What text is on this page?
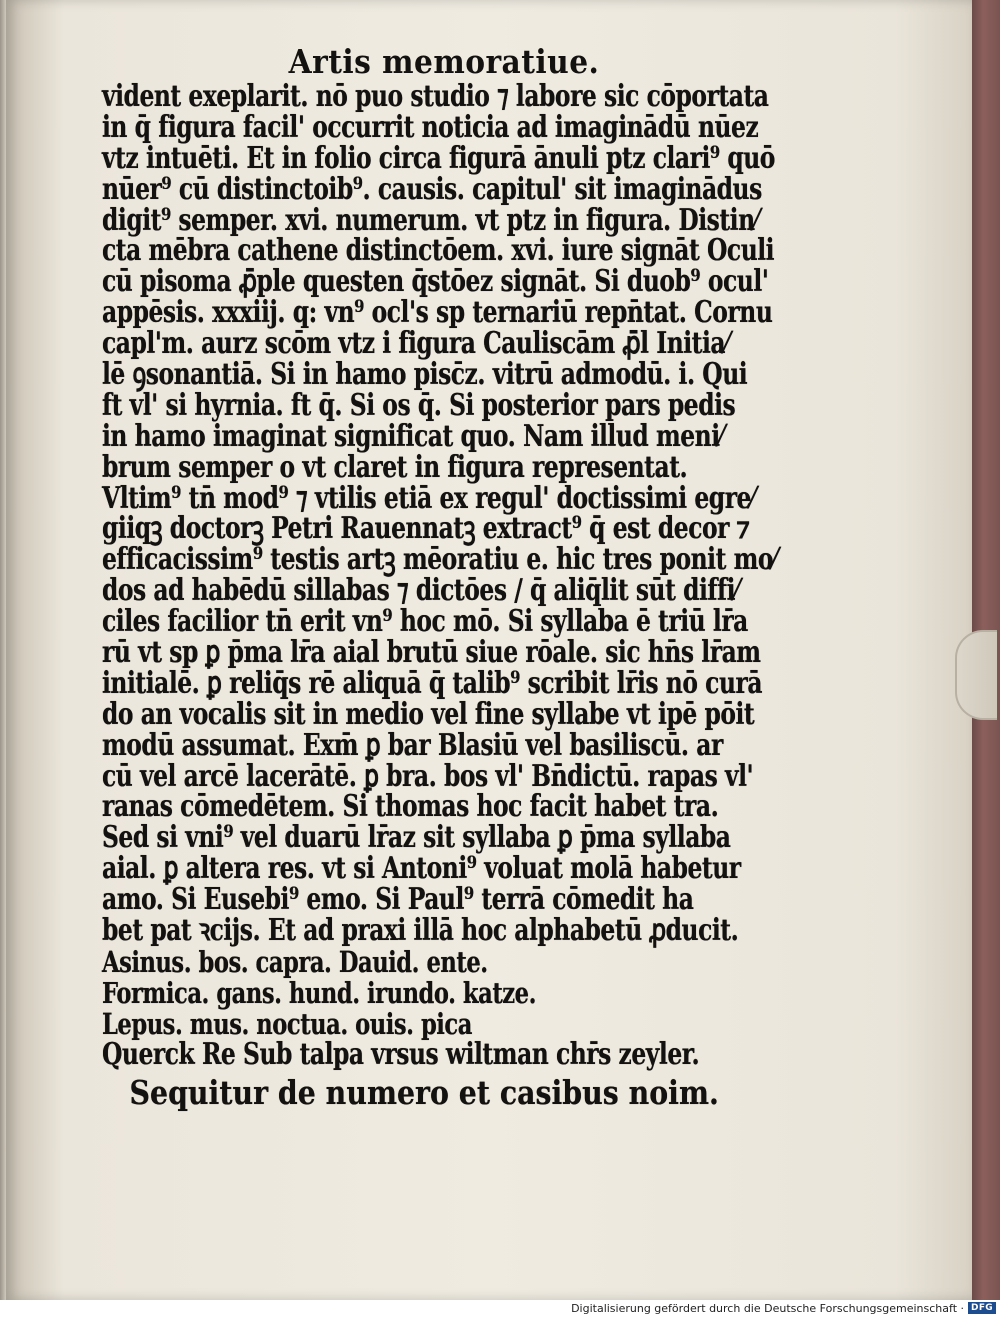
Artis memoratiue.
vident exeplarit. nō puo studio ⁊ labore sic cōportata
in q̄ figura facil' occurrit noticia ad imaginādū nūez
vtz intuēti. Et in folio circa figurā ānuli ptz clari⁹ quō
nūer⁹ cū distinctoib⁹. causis. capitul' sit imaginādus
digit⁹ semper. xvi. numerum. vt ptz in figura. Distin⁄
cta mēbra cathene distinctōem. xvi. iure signāt Oculi
cū pisoma ꝓ̄ple questen q̄stōez signāt. Si duob⁹ ocul'
appēsis. xxxiij. q: vn⁹ ocl's sp ternariū repn̄tat. Cornu
capl'm. aurz scōm vtz i figura Cauliscām ꝓ̄l Initia⁄
lē ꝯsonantiā. Si in hamo pisc̄z. vitrū admodū. i. Qui
ft vl' si hyrnia. ft q̄. Si os q̄. Si posterior pars pedis
in hamo imaginat significat quo. Nam illud meni⁄
brum semper o vt claret in figura representat.
Vltim⁹ tn̄ mod⁹ ⁊ vtilis etiā ex regul' doctissimi egre⁄
giiqꝫ doctorꝫ Petri Rauennatꝫ extract⁹ q̄ est decor ⁊
efficacissim⁹ testis artꝫ mēoratiu e. hic tres ponit mo⁄
dos ad habēdū sillabas ⁊ dictōes / q̄ aliq̄lit sūt diffi⁄
ciles facilior tn̄ erit vn⁹ hoc mō. Si syllaba ē triū lr̄a
rū vt sp ꝑ p̄ma lr̄a aial brutū siue rōale. sic hn̄s lr̄am
initialē. ꝑ reliq̄s rē aliquā q̄ talib⁹ scribit lr̄is nō curā
do an vocalis sit in medio vel fine syllabe vt ipē pōit
modū assumat. Exm̄ ꝑ bar Blasiū vel basiliscū. ar
cū vel arcē lacerātē. ꝑ bra. bos vl' Bn̄dictū. rapas vl'
ranas cōmedētem. Si thomas hoc facit habet tra.
Sed si vni⁹ vel duarū lr̄az sit syllaba ꝑ p̄ma syllaba
aial. ꝑ altera res. vt si Antoni⁹ voluat molā habetur
amo. Si Eusebi⁹ emo. Si Paul⁹ terrā cōmedit ha
bet pat ꝛcijs. Et ad praxi illā hoc alphabetū ꝓducit.
Asinus. bos. capra. Dauid. ente.
Formica. gans. hund. irundo. katze.
Lepus. mus. noctua. ouis. pica
Querck Re Sub talpa vrsus wiltman chr̄s zeyler.
Sequitur de numero et casibus noim.
Digitalisierung gefördert durch die Deutsche Forschungsgemeinschaft · DFG
